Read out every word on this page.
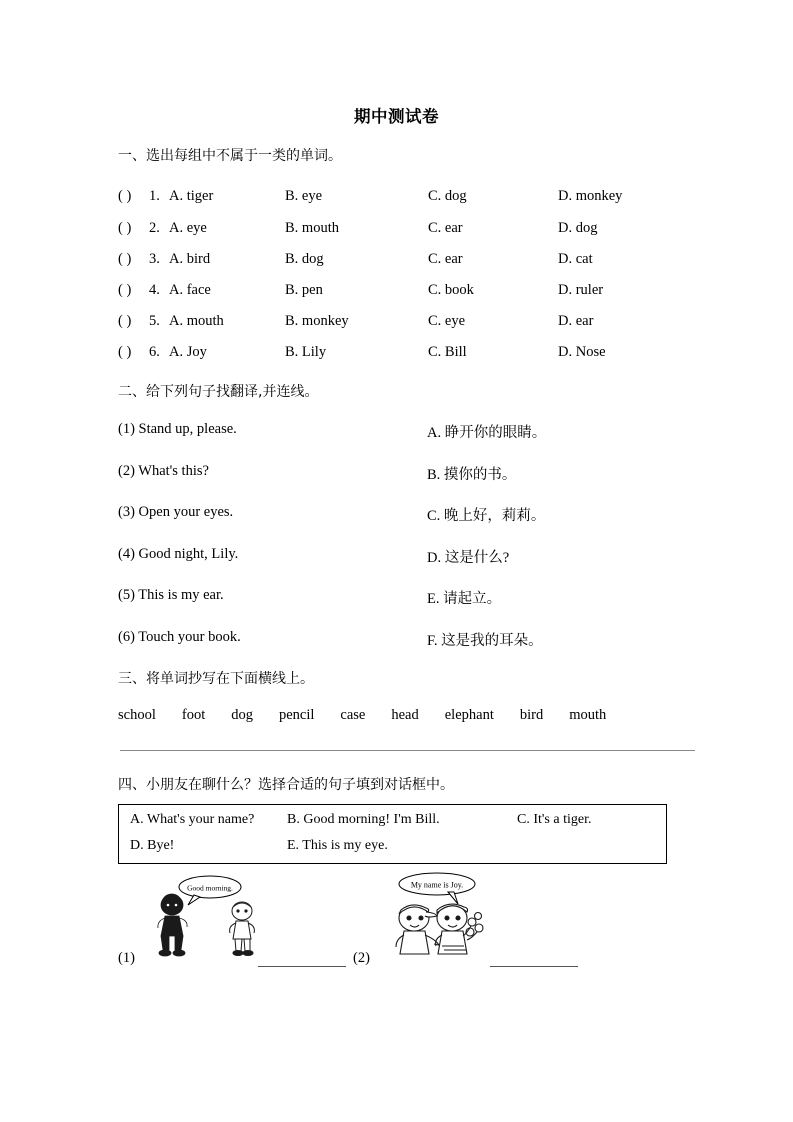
期中测试卷
一、选出每组中不属于一类的单词。
( ) 1. A. tiger	B. eye	C. dog	D. monkey
( ) 2. A. eye	B. mouth	C. ear	D. dog
( ) 3. A. bird	B. dog	C. ear	D. cat
( ) 4. A. face	B. pen	C. book	D. ruler
( ) 5. A. mouth	B. monkey	C. eye	D. ear
( ) 6. A. Joy	B. Lily	C. Bill	D. Nose
二、给下列句子找翻译,并连线。
(1) Stand up, please.
(2) What's this?
(3) Open your eyes.
(4) Good night, Lily.
(5) This is my ear.
(6) Touch your book.
A. 睁开你的眼睛。
B. 摸你的书。
C. 晚上好，莉莉。
D. 这是什么?
E. 请起立。
F. 这是我的耳朵。
三、将单词抄写在下面横线上。
school foot dog pencil case head elephant bird mouth
四、小朋友在聊什么？选择合适的句子填到对话框中。
A. What's your name? B. Good morning! I'm Bill.	C. It's a tiger.
D. Bye!	E. This is my eye.
Good morning.	My name is Joy.
(1)	(2)
